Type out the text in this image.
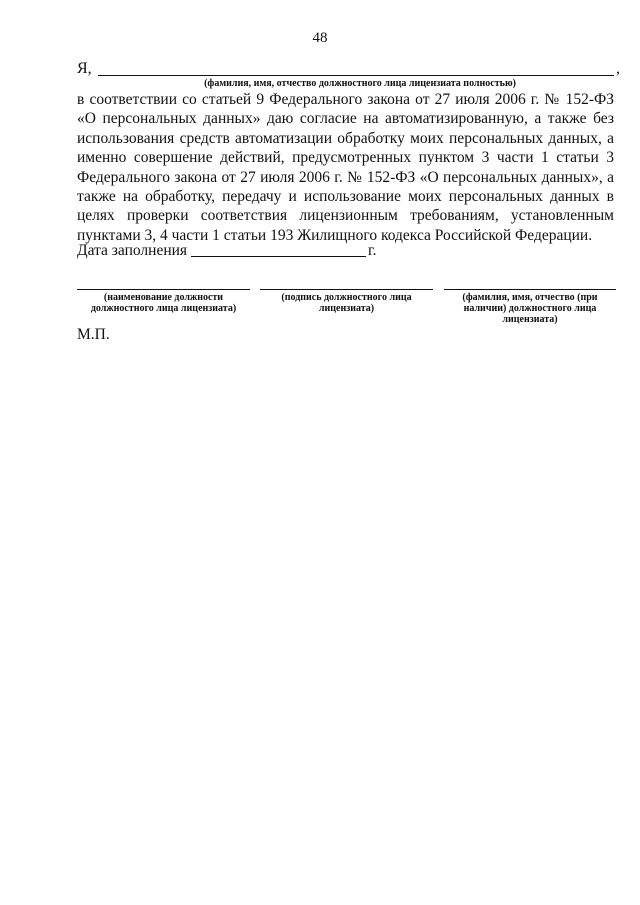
48
Я,	,
(фамилия, имя, отчество должностного лица лицензиата полностью)

в соответствии со статьей 9 Федерального закона от 27 июля 2006 г. № 152-ФЗ «О персональных данных» даю согласие на автоматизированную, а также без использования средств автоматизации обработку моих персональных данных, а именно совершение действий, предусмотренных пунктом 3 части 1 статьи 3 Федерального закона от 27 июля 2006 г. № 152-ФЗ «О персональных данных», а также на обработку, передачу и использование моих персональных данных в целях проверки соответствия лицензионным требованиям, установленным пунктами 3, 4 части 1 статьи 193 Жилищного кодекса Российской Федерации.

Дата заполнения	г.
(наименование должности должностного лица лицензиата)
(подпись должностного лица лицензиата)
(фамилия, имя, отчество (при наличии) должностного лица лицензиата)
М.П.
